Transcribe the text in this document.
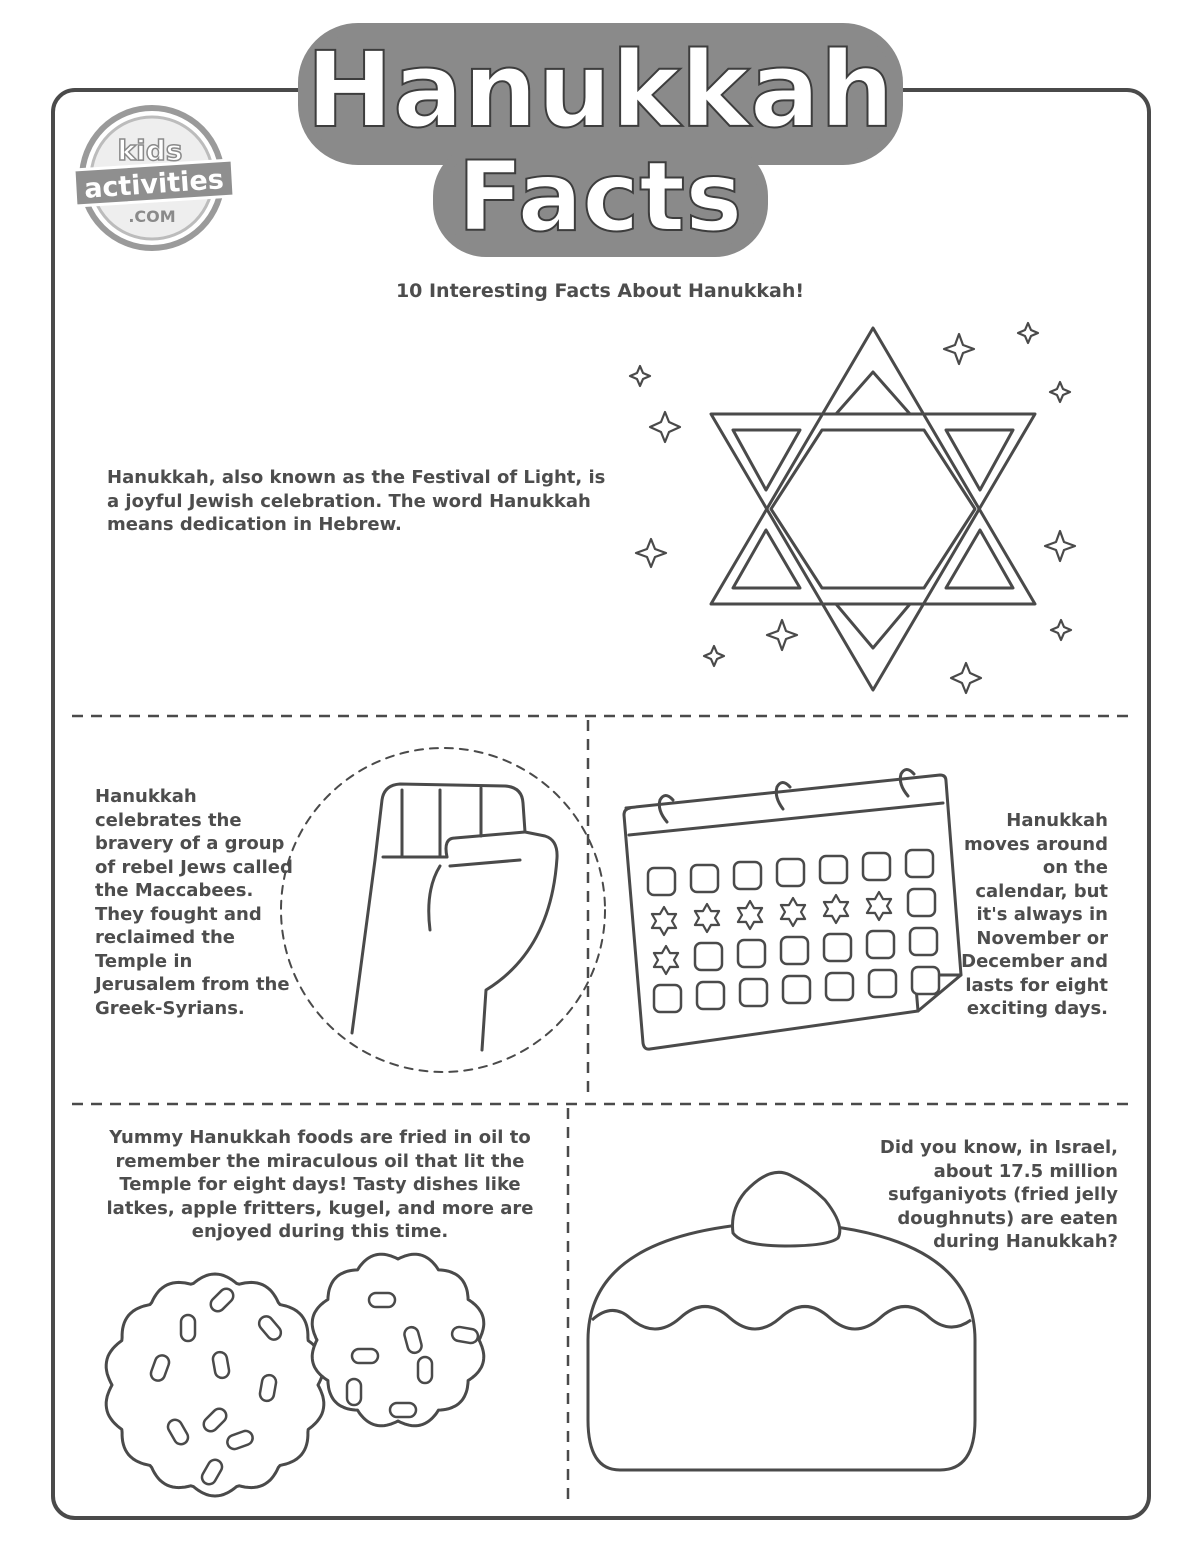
Hanukkah
Facts
kids
activities
.COM
10 Interesting Facts About Hanukkah!
Hanukkah, also known as the Festival of Light, is a joyful Jewish celebration. The word Hanukkah means dedication in Hebrew.
Hanukkah celebrates the bravery of a group of rebel Jews called the Maccabees. They fought and reclaimed the Temple in Jerusalem from the Greek-Syrians.
Hanukkah moves around on the calendar, but it's always in November or December and lasts for eight exciting days.
Yummy Hanukkah foods are fried in oil to remember the miraculous oil that lit the Temple for eight days! Tasty dishes like latkes, apple fritters, kugel, and more are enjoyed during this time.
Did you know, in Israel, about 17.5 million sufganiyots (fried jelly doughnuts) are eaten during Hanukkah?
